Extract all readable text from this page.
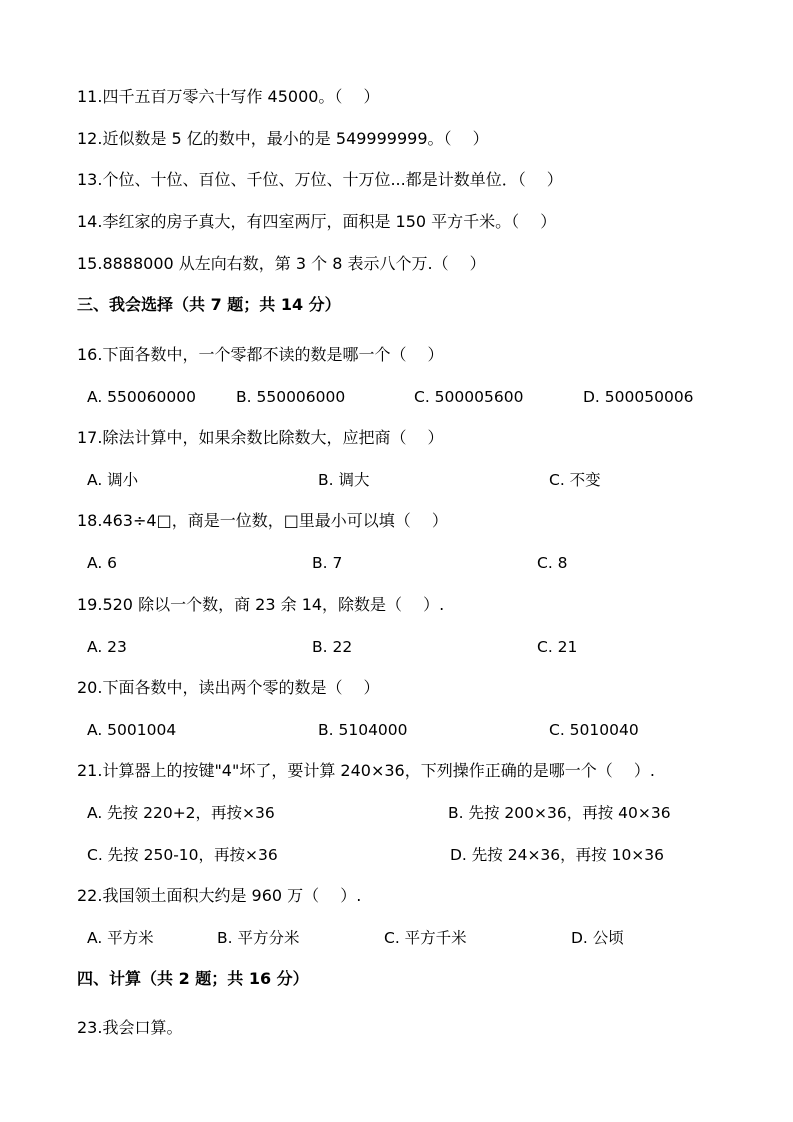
11.四千五百万零六十写作 45000。（　 ）
12.近似数是 5 亿的数中，最小的是 549999999。（　 ）
13.个位、十位、百位、千位、万位、十万位...都是计数单位．（　 ）
14.李红家的房子真大，有四室两厅，面积是 150 平方千米。（　 ）
15.8888000 从左向右数，第 3 个 8 表示八个万.（　 ）
三、我会选择（共 7 题；共 14 分）
16.下面各数中，一个零都不读的数是哪一个（　 ）
A. 550060000	B. 550006000	C. 500005600	D. 500050006
17.除法计算中，如果余数比除数大，应把商（　 ）
A. 调小	B. 调大	C. 不变
18.463÷4□，商是一位数，□里最小可以填（　 ）
A. 6	B. 7	C. 8
19.520 除以一个数，商 23 余 14，除数是（　 ）.
A. 23	B. 22	C. 21
20.下面各数中，读出两个零的数是（　 ）
A. 5001004	B. 5104000	C. 5010040
21.计算器上的按键"4"坏了，要计算 240×36，下列操作正确的是哪一个（　 ）.
A. 先按 220+2，再按×36	B. 先按 200×36，再按 40×36
C. 先按 250-10，再按×36	D. 先按 24×36，再按 10×36
22.我国领土面积大约是 960 万（　 ）.
A. 平方米	B. 平方分米	C. 平方千米	D. 公顷
四、计算（共 2 题；共 16 分）
23.我会口算。
